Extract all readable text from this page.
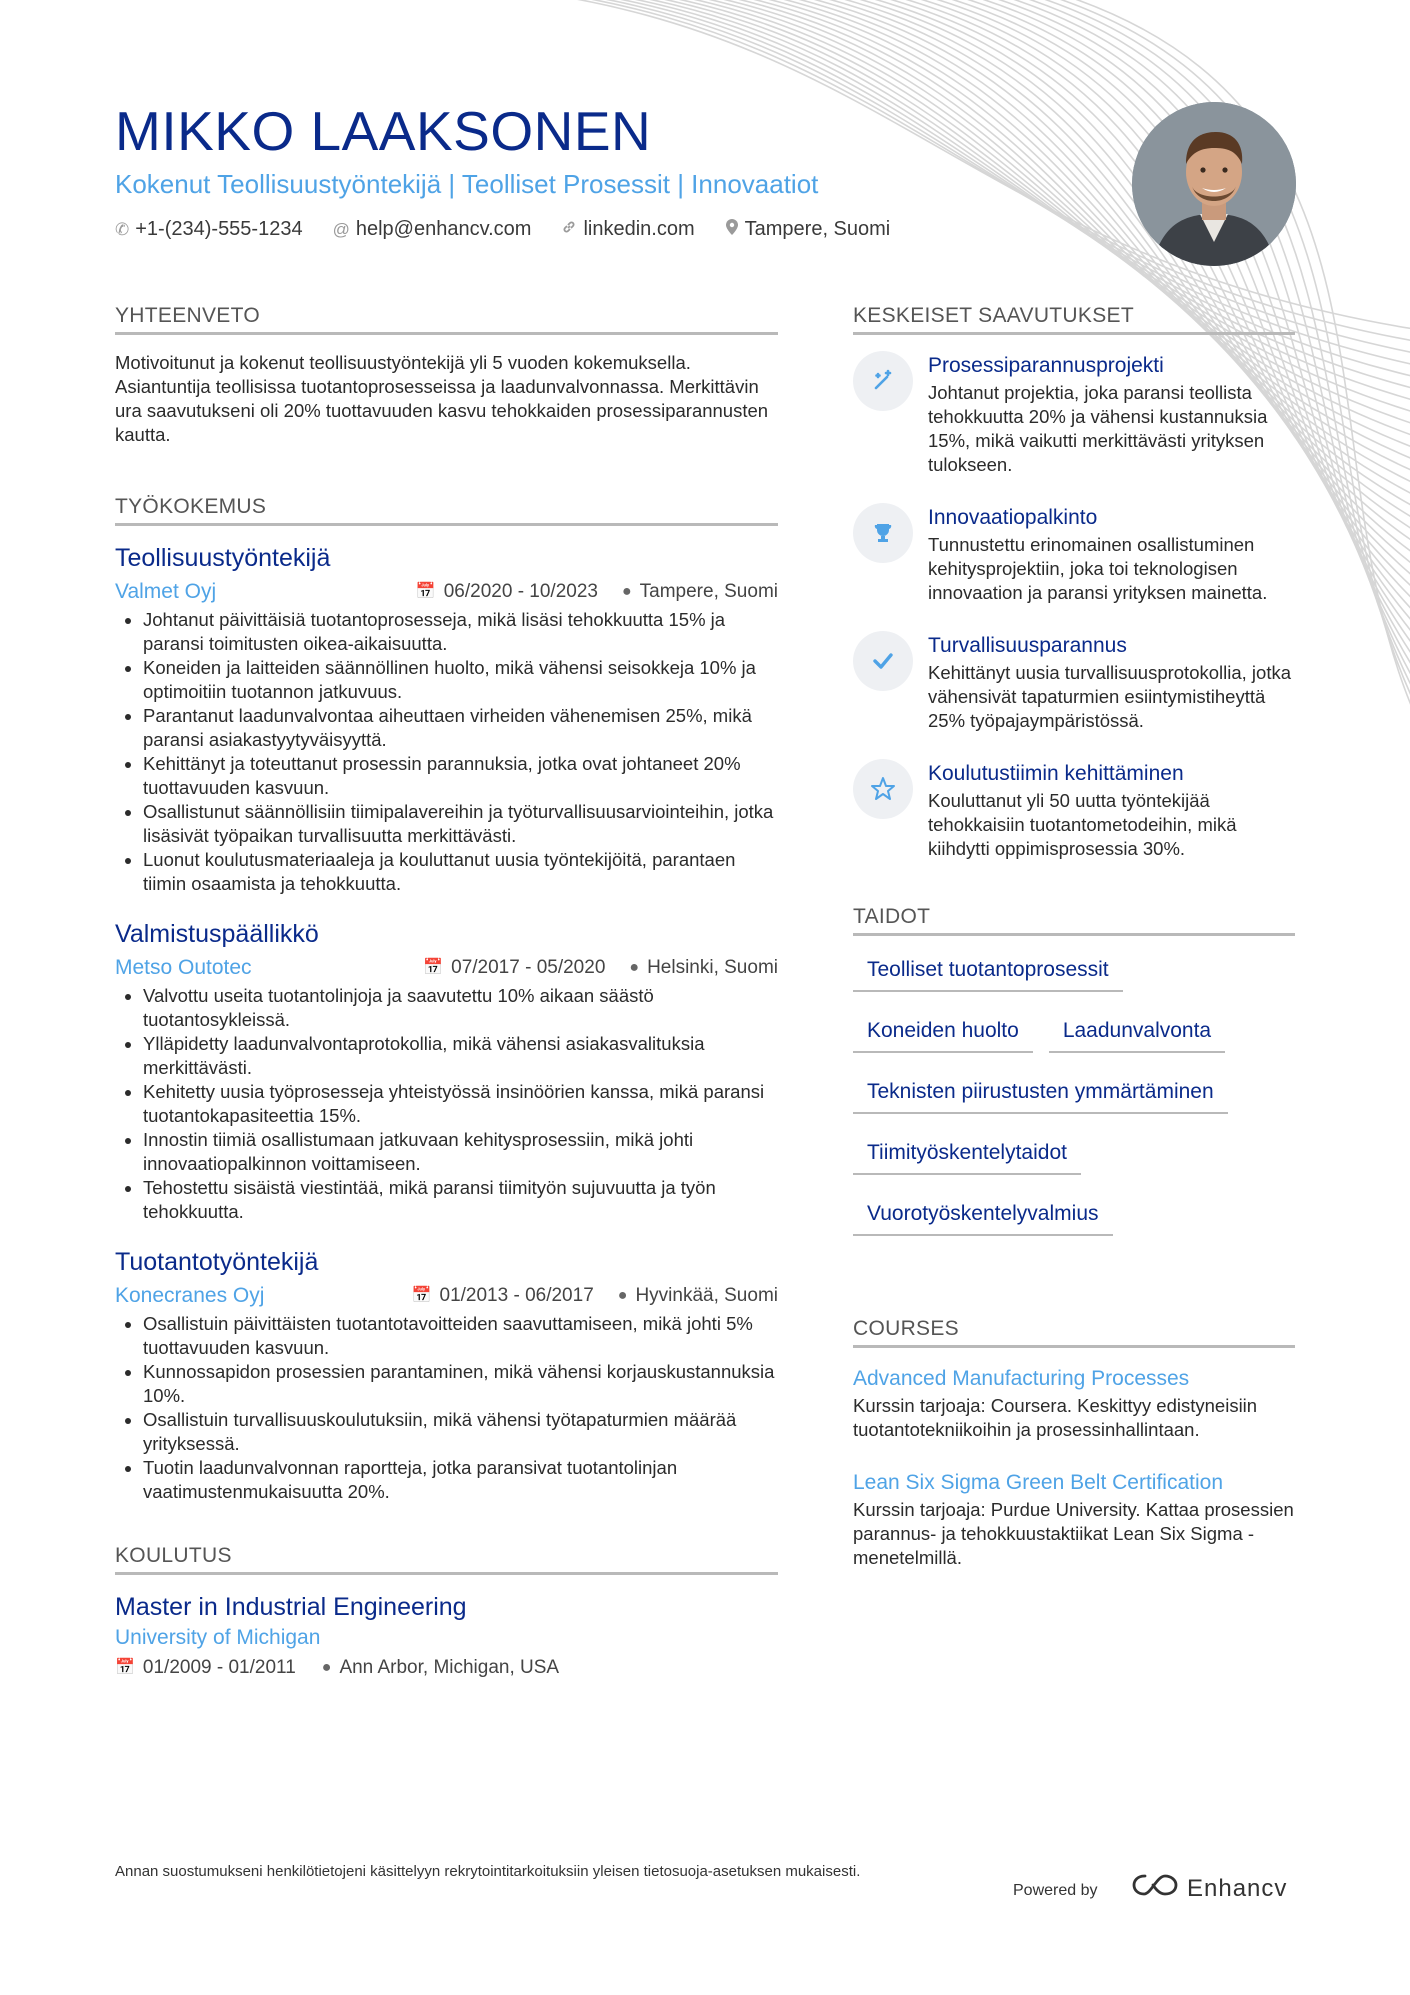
MIKKO LAAKSONEN
Kokenut Teollisuustyöntekijä | Teolliset Prosessit | Innovaatiot
✆ +1-(234)-555-1234 @ help@enhancv.com	linkedin.com	Tampere, Suomi
YHTEENVETO

Motivoitunut ja kokenut teollisuustyöntekijä yli 5 vuoden kokemuksella. Asiantuntija teollisissa tuotantoprosesseissa ja laadunvalvonnassa. Merkittävin ura saavutukseni oli 20% tuottavuuden kasvu tehokkaiden prosessiparannusten kautta.

TYÖKOKEMUS
Teollisuustyöntekijä
Valmet Oyj	📅 06/2020 - 10/2023 ● Tampere, Suomi
• Johtanut päivittäisiä tuotantoprosesseja, mikä lisäsi tehokkuutta 15% ja paransi toimitusten oikea-aikaisuutta.
• Koneiden ja laitteiden säännöllinen huolto, mikä vähensi seisokkeja 10% ja optimoitiin tuotannon jatkuvuus.
• Parantanut laadunvalvontaa aiheuttaen virheiden vähenemisen 25%, mikä paransi asiakastyytyväisyyttä.
• Kehittänyt ja toteuttanut prosessin parannuksia, jotka ovat johtaneet 20% tuottavuuden kasvuun.
• Osallistunut säännöllisiin tiimipalavereihin ja työturvallisuusarviointeihin, jotka lisäsivät työpaikan turvallisuutta merkittävästi.
• Luonut koulutusmateriaaleja ja kouluttanut uusia työntekijöitä, parantaen tiimin osaamista ja tehokkuutta.
Valmistuspäällikkö
Metso Outotec	📅 07/2017 - 05/2020 ● Helsinki, Suomi
• Valvottu useita tuotantolinjoja ja saavutettu 10% aikaan säästö tuotantosykleissä.
• Ylläpidetty laadunvalvontaprotokollia, mikä vähensi asiakasvalituksia merkittävästi.
• Kehitetty uusia työprosesseja yhteistyössä insinöörien kanssa, mikä paransi tuotantokapasiteettia 15%.
• Innostin tiimiä osallistumaan jatkuvaan kehitysprosessiin, mikä johti innovaatiopalkinnon voittamiseen.
• Tehostettu sisäistä viestintää, mikä paransi tiimityön sujuvuutta ja työn tehokkuutta.
Tuotantotyöntekijä
Konecranes Oyj	📅 01/2013 - 06/2017 ● Hyvinkää, Suomi
• Osallistuin päivittäisten tuotantotavoitteiden saavuttamiseen, mikä johti 5% tuottavuuden kasvuun.
• Kunnossapidon prosessien parantaminen, mikä vähensi korjauskustannuksia 10%.
• Osallistuin turvallisuuskoulutuksiin, mikä vähensi työtapaturmien määrää yrityksessä.
• Tuotin laadunvalvonnan raportteja, jotka paransivat tuotantolinjan vaatimustenmukaisuutta 20%.
KOULUTUS
Master in Industrial Engineering
University of Michigan
📅 01/2009 - 01/2011 ● Ann Arbor, Michigan, USA
KESKEISET SAAVUTUKSET
Prosessiparannusprojekti
Johtanut projektia, joka paransi teollista tehokkuutta 20% ja vähensi kustannuksia 15%, mikä vaikutti merkittävästi yrityksen tulokseen.
Innovaatiopalkinto
Tunnustettu erinomainen osallistuminen kehitysprojektiin, joka toi teknologisen innovaation ja paransi yrityksen mainetta.
Turvallisuusparannus
Kehittänyt uusia turvallisuusprotokollia, jotka vähensivät tapaturmien esiintymistiheyttä 25% työpajaympäristössä.
Koulutustiimin kehittäminen
Kouluttanut yli 50 uutta työntekijää tehokkaisiin tuotantometodeihin, mikä kiihdytti oppimisprosessia 30%.
TAIDOT
Teolliset tuotantoprosessit
Koneiden huolto	Laadunvalvonta
Teknisten piirustusten ymmärtäminen
Tiimityöskentelytaidot
Vuorotyöskentelyvalmius
COURSES
Advanced Manufacturing Processes
Kurssin tarjoaja: Coursera. Keskittyy edistyneisiin tuotantotekniikoihin ja prosessinhallintaan.
Lean Six Sigma Green Belt Certification
Kurssin tarjoaja: Purdue University. Kattaa prosessien parannus- ja tehokkuustaktiikat Lean Six Sigma -menetelmillä.
Annan suostumukseni henkilötietojeni käsittelyyn rekrytointitarkoituksiin yleisen tietosuoja-asetuksen mukaisesti.
Powered by	Enhancv
